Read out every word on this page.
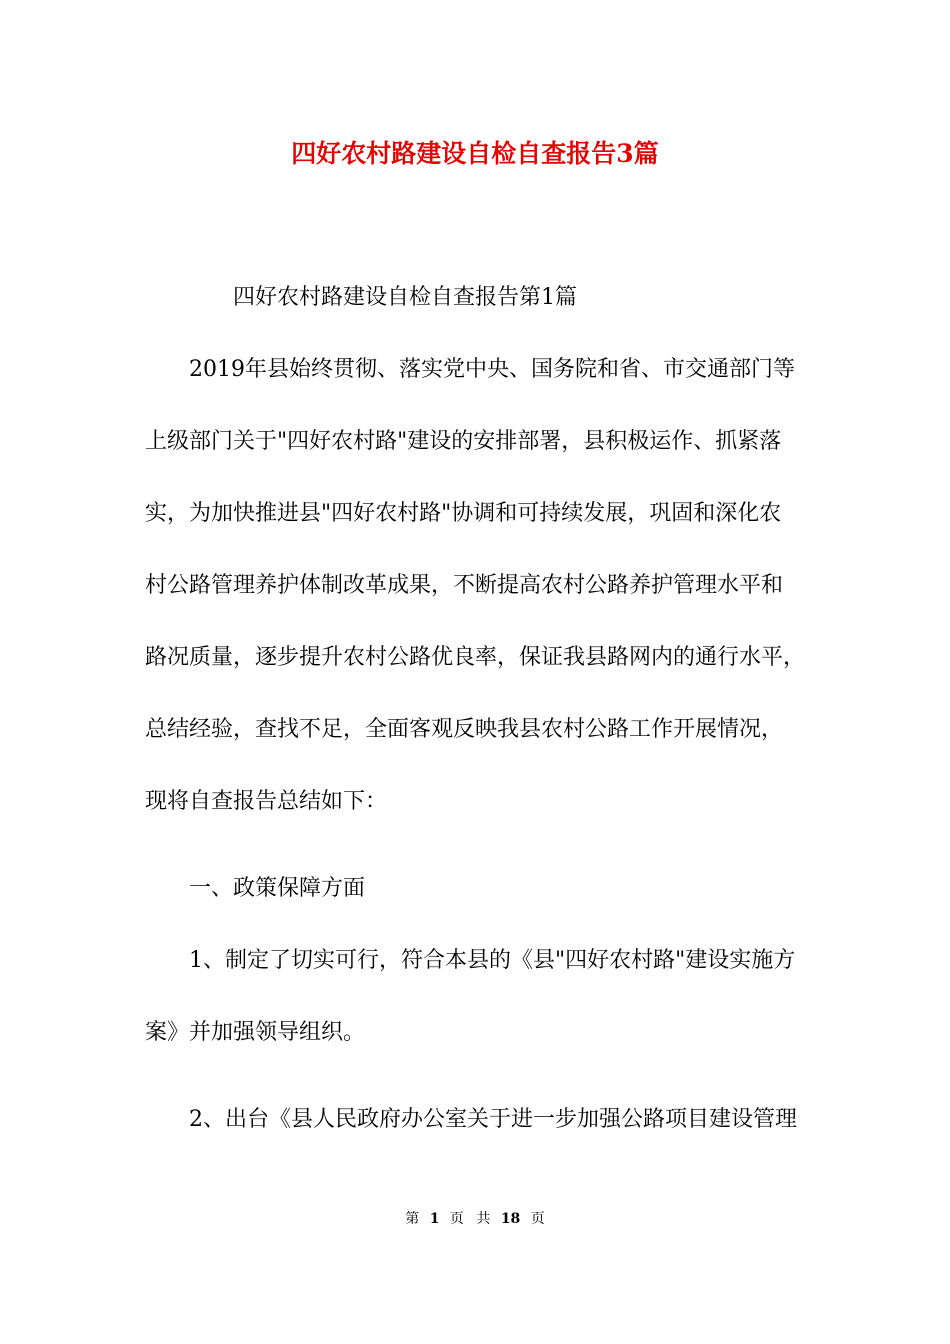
四好农村路建设自检自查报告3篇
四好农村路建设自检自查报告第1篇
2019年县始终贯彻、落实党中央、国务院和省、市交通部门等
上级部门关于"四好农村路"建设的安排部署，县积极运作、抓紧落
实，为加快推进县"四好农村路"协调和可持续发展，巩固和深化农
村公路管理养护体制改革成果，不断提高农村公路养护管理水平和
路况质量，逐步提升农村公路优良率，保证我县路网内的通行水平，
总结经验，查找不足，全面客观反映我县农村公路工作开展情况，
现将自查报告总结如下：
一、政策保障方面
1、制定了切实可行，符合本县的《县"四好农村路"建设实施方
案》并加强领导组织。
2、出台《县人民政府办公室关于进一步加强公路项目建设管理
第 1 页 共 18 页
